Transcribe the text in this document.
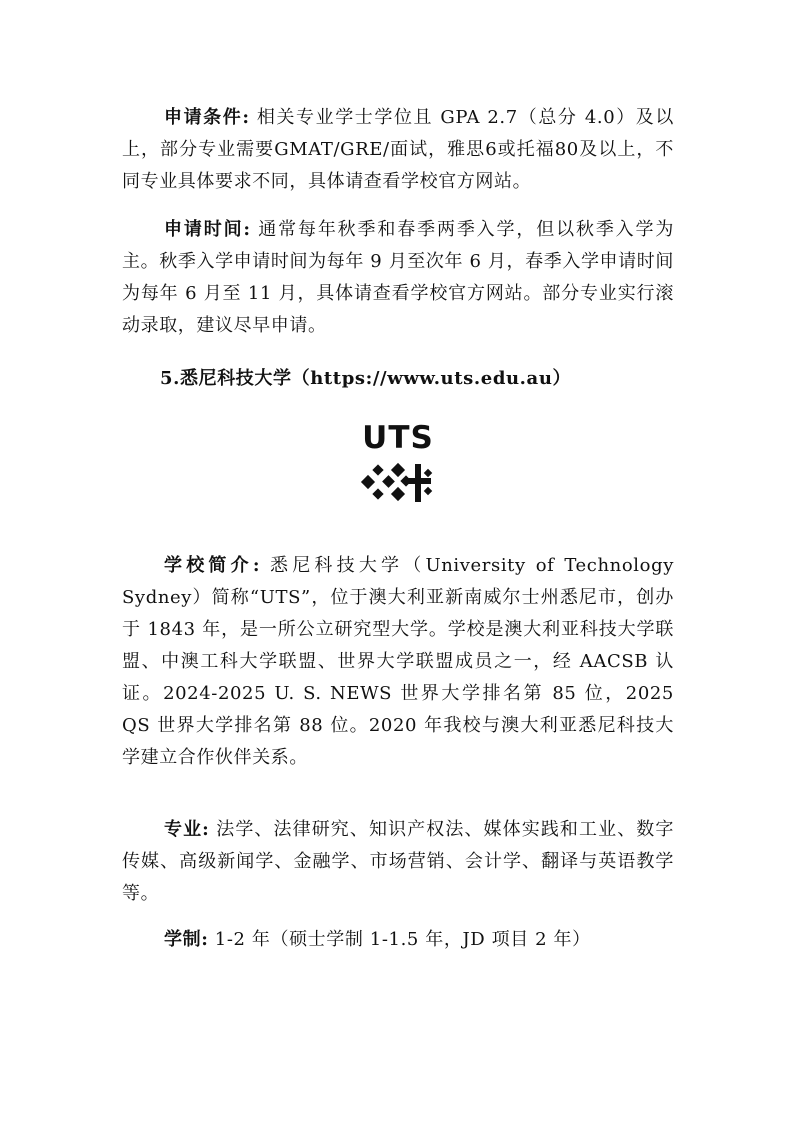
申请条件: 相关专业学士学位且 GPA 2.7（总分 4.0）及以上，部分专业需要GMAT/GRE/面试，雅思6或托福80及以上，不同专业具体要求不同，具体请查看学校官方网站。

申请时间: 通常每年秋季和春季两季入学，但以秋季入学为主。秋季入学申请时间为每年 9 月至次年 6 月，春季入学申请时间为每年 6 月至 11 月，具体请查看学校官方网站。部分专业实行滚动录取，建议尽早申请。

5.悉尼科技大学（https://www.uts.edu.au）
UTS

学校简介: 悉尼科技大学（University of Technology Sydney）简称“UTS”，位于澳大利亚新南威尔士州悉尼市，创办于 1843 年，是一所公立研究型大学。学校是澳大利亚科技大学联盟、中澳工科大学联盟、世界大学联盟成员之一，经 AACSB 认证。2024-2025 U. S. NEWS 世界大学排名第 85 位，2025 QS 世界大学排名第 88 位。2020 年我校与澳大利亚悉尼科技大学建立合作伙伴关系。

专业: 法学、法律研究、知识产权法、媒体实践和工业、数字传媒、高级新闻学、金融学、市场营销、会计学、翻译与英语教学等。

学制: 1-2 年（硕士学制 1-1.5 年，JD 项目 2 年）
